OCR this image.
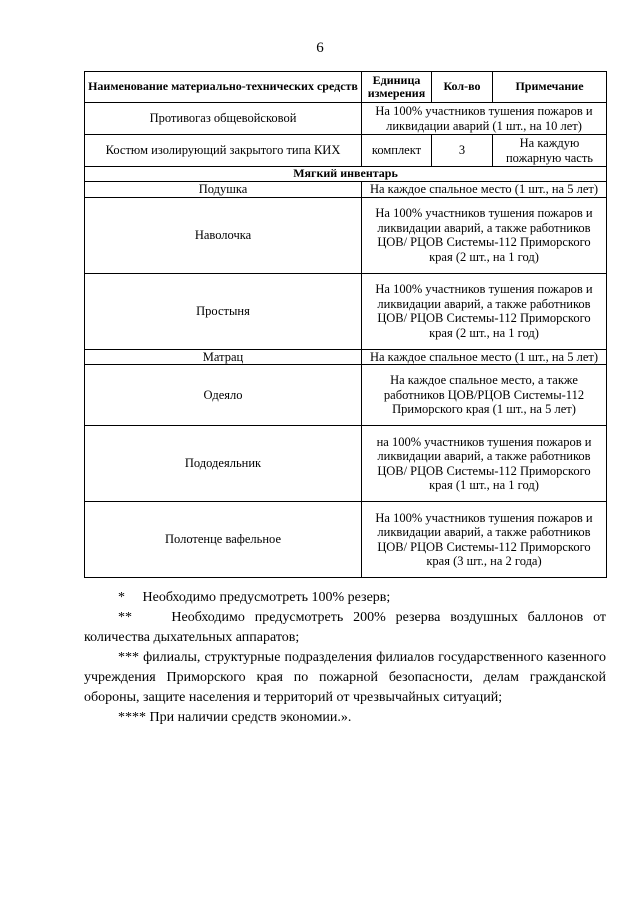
6
Наименование материально-технических средств	Единица измерения	Кол-во	Примечание
Противогаз общевойсковой	На 100% участников тушения пожаров и ликвидации аварий (1 шт., на 10 лет)		
Костюм изолирующий закрытого типа КИХ	комплект	3	На каждую пожарную часть
Мягкий инвентарь			
Подушка	На каждое спальное место (1 шт., на 5 лет)		
Наволочка	На 100% участников тушения пожаров и ликвидации аварий, а также работников ЦОВ/ РЦОВ Системы-112 Приморского края (2 шт., на 1 год)		
Простыня	На 100% участников тушения пожаров и ликвидации аварий, а также работников ЦОВ/ РЦОВ Системы-112 Приморского края (2 шт., на 1 год)		
Матрац	На каждое спальное место (1 шт., на 5 лет)		
Одеяло	На каждое спальное место, а также работников ЦОВ/РЦОВ Системы-112 Приморского края (1 шт., на 5 лет)		
Пододеяльник	на 100% участников тушения пожаров и ликвидации аварий, а также работников ЦОВ/ РЦОВ Системы-112 Приморского края (1 шт., на 1 год)		
Полотенце вафельное	На 100% участников тушения пожаров и ликвидации аварий, а также работников ЦОВ/ РЦОВ Системы-112 Приморского края (3 шт., на 2 года)		

*     Необходимо предусмотреть 100% резерв;

**    Необходимо предусмотреть 200% резерва воздушных баллонов от количества дыхательных аппаратов;

*** филиалы, структурные подразделения филиалов государственного казенного учреждения Приморского края по пожарной безопасности, делам гражданской обороны, защите населения и территорий от чрезвычайных ситуаций;

**** При наличии средств экономии.».
